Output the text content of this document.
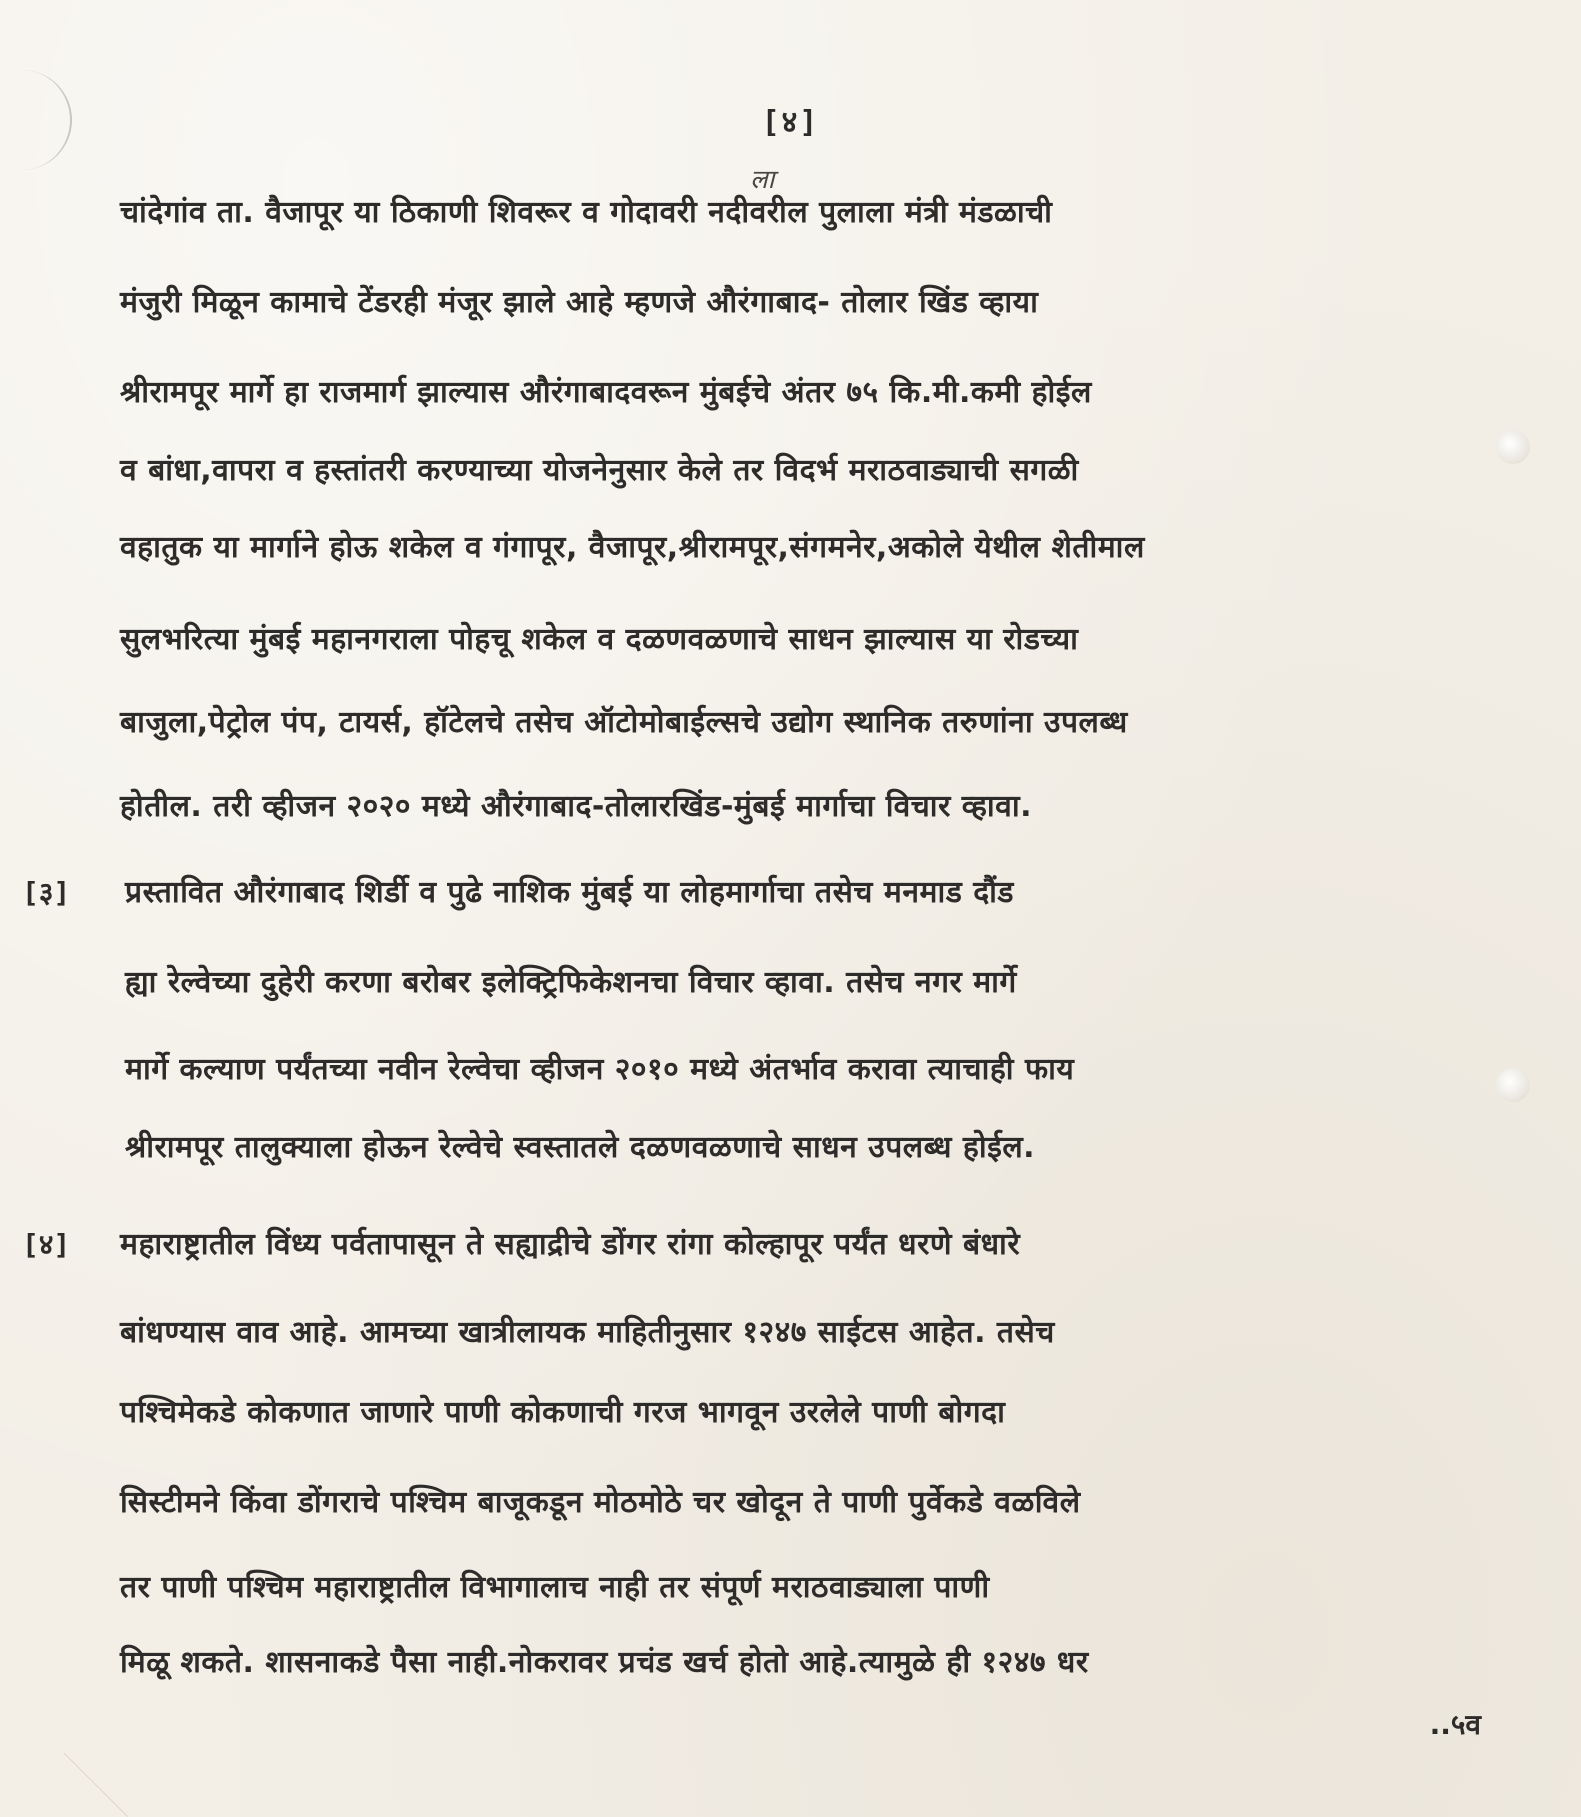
[४]
ला
चांदेगांव ता. वैजापूर या ठिकाणी शिवरूर व गोदावरी नदीवरील पुलाला मंत्री मंडळाची
मंजुरी मिळून कामाचे टेंडरही मंजूर झाले आहे म्हणजे औरंगाबाद- तोलार खिंड व्हाया
श्रीरामपूर मार्गे हा राजमार्ग झाल्यास औरंगाबादवरून मुंबईचे अंतर ७५ कि.मी.कमी होईल
व बांधा,वापरा व हस्तांतरी करण्याच्या योजनेनुसार केले तर विदर्भ मराठवाड्याची सगळी
वहातुक या मार्गाने होऊ शकेल व गंगापूर, वैजापूर,श्रीरामपूर,संगमनेर,अकोले येथील शेतीमाल
सुलभरित्या मुंबई महानगराला पोहचू शकेल व दळणवळणाचे साधन झाल्यास या रोडच्या
बाजुला,पेट्रोल पंप, टायर्स, हॉटेलचे तसेच ऑटोमोबाईल्सचे उद्योग स्थानिक तरुणांना उपलब्ध
होतील. तरी व्हीजन २०२० मध्ये औरंगाबाद-तोलारखिंड-मुंबई मार्गाचा विचार व्हावा.
[३] प्रस्तावित औरंगाबाद शिर्डी व पुढे नाशिक मुंबई या लोहमार्गाचा तसेच मनमाड दौंड
ह्या रेल्वेच्या दुहेरी करणा बरोबर इलेक्ट्रिफिकेशनचा विचार व्हावा. तसेच नगर मार्गे
मार्गे कल्याण पर्यंतच्या नवीन रेल्वेचा व्हीजन २०१० मध्ये अंतर्भाव करावा त्याचाही फाय
श्रीरामपूर तालुक्याला होऊन रेल्वेचे स्वस्तातले दळणवळणाचे साधन उपलब्ध होईल.
[४] महाराष्ट्रातील विंध्य पर्वतापासून ते सह्याद्रीचे डोंगर रांगा कोल्हापूर पर्यंत धरणे बंधारे
बांधण्यास वाव आहे. आमच्या खात्रीलायक माहितीनुसार १२४७ साईटस आहेत. तसेच
पश्चिमेकडे कोकणात जाणारे पाणी कोकणाची गरज भागवून उरलेले पाणी बोगदा
सिस्टीमने किंवा डोंगराचे पश्चिम बाजूकडून मोठमोठे चर खोदून ते पाणी पुर्वेकडे वळविले
तर पाणी पश्चिम महाराष्ट्रातील विभागालाच नाही तर संपूर्ण मराठवाड्याला पाणी
मिळू शकते. शासनाकडे पैसा नाही.नोकरावर प्रचंड खर्च होतो आहे.त्यामुळे ही १२४७ धर
..५व
